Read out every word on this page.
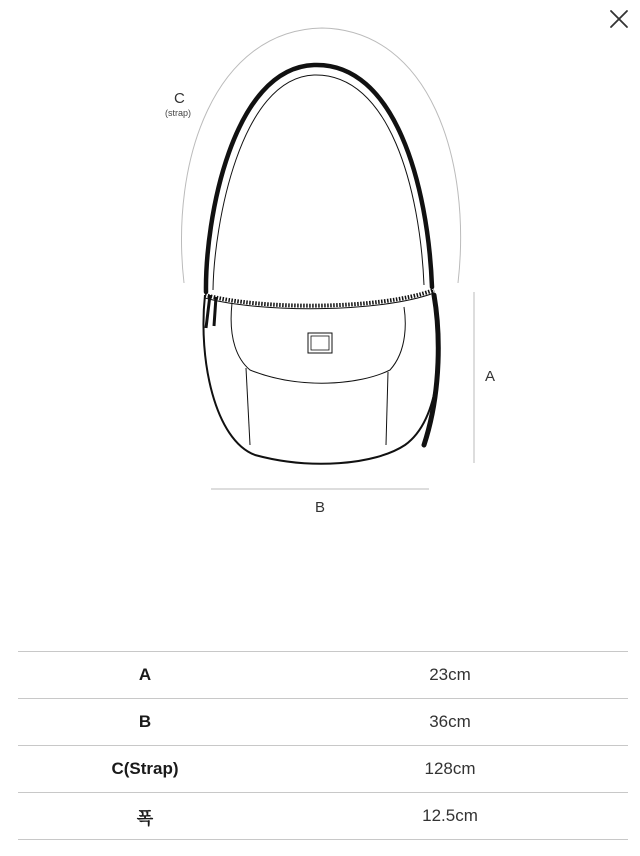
C
(strap)
A
B
A	23cm
B	36cm
C(Strap)	128cm
폭	12.5cm
